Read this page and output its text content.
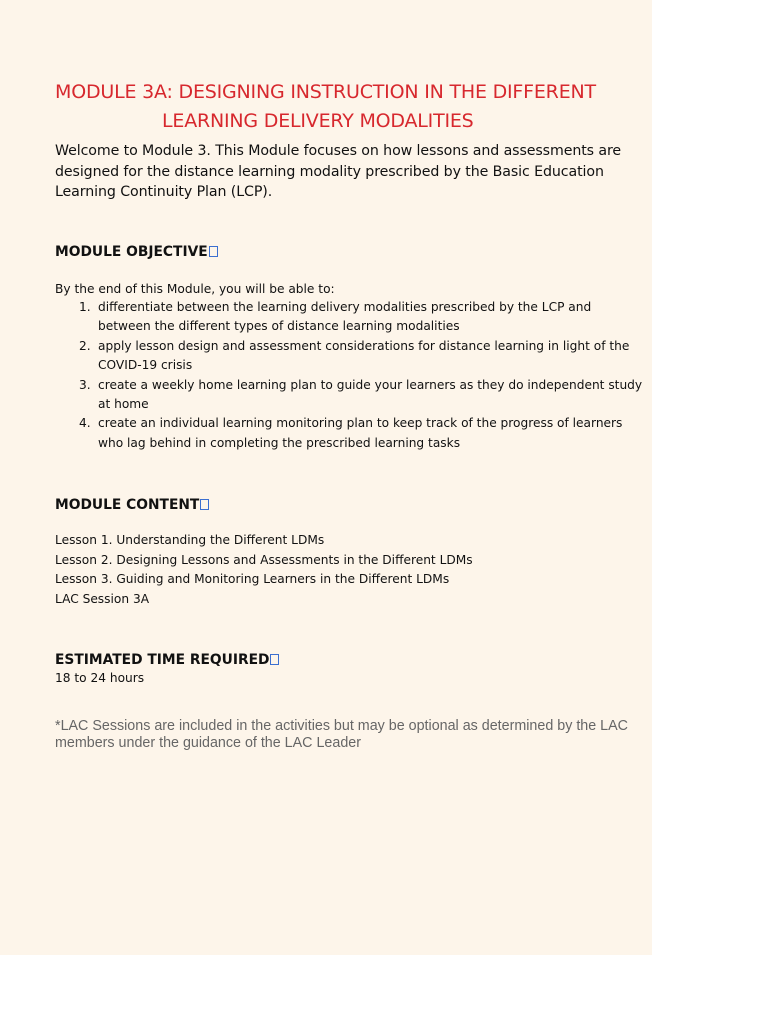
MODULE 3A: DESIGNING INSTRUCTION IN THE DIFFERENT
LEARNING DELIVERY MODALITIES

Welcome to Module 3. This Module focuses on how lessons and assessments are designed for the distance learning modality prescribed by the Basic Education Learning Continuity Plan (LCP).

MODULE OBJECTIVE

By the end of this Module, you will be able to:

1. differentiate between the learning delivery modalities prescribed by the LCP and between the different types of distance learning modalities
2. apply lesson design and assessment considerations for distance learning in light of the COVID-19 crisis
3. create a weekly home learning plan to guide your learners as they do independent study at home
4. create an individual learning monitoring plan to keep track of the progress of learners who lag behind in completing the prescribed learning tasks
MODULE CONTENT
Lesson 1. Understanding the Different LDMs
Lesson 2. Designing Lessons and Assessments in the Different LDMs
Lesson 3. Guiding and Monitoring Learners in the Different LDMs
LAC Session 3A
ESTIMATED TIME REQUIRED

18 to 24 hours

*LAC Sessions are included in the activities but may be optional as determined by the LAC members under the guidance of the LAC Leader
